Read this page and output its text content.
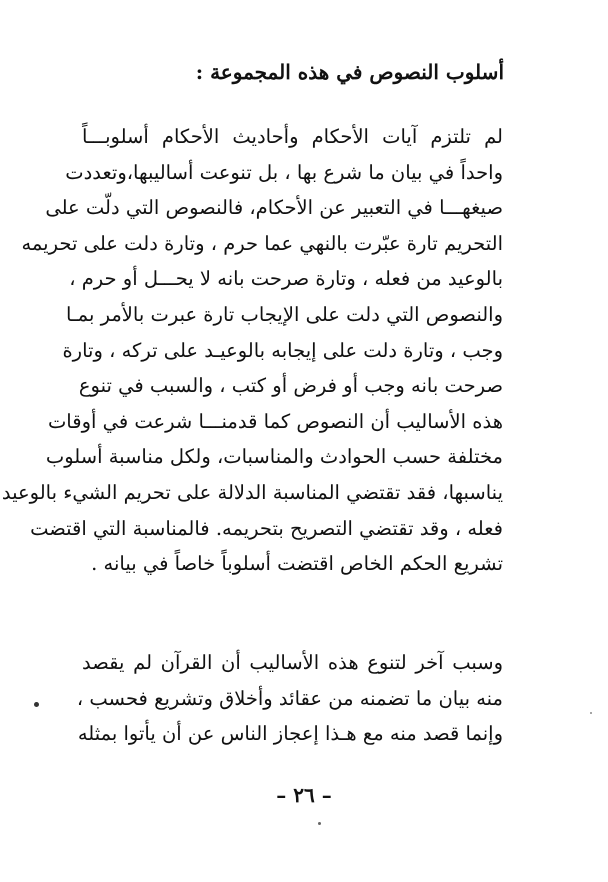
أسلوب النصوص في هذه المجموعة :
لم تلتزم آيات الأحكام وأحاديث الأحكام أسلوبـــاً
واحداً في بيان ما شرع بها ، بل تنوعت أساليبها،وتعددت
صيغهـــا في التعبير عن الأحكام، فالنصوص التي دلّت على
التحريم تارة عبّرت بالنهي عما حرم ، وتارة دلت على تحريمه
بالوعيد من فعله ، وتارة صرحت بانه لا يحـــل أو حرم ،
والنصوص التي دلت على الإيجاب تارة عبرت بالأمر بمـا
وجب ، وتارة دلت على إيجابه بالوعيـد على تركه ، وتارة
صرحت بانه وجب أو فرض أو كتب ، والسبب في تنوع
هذه الأساليب أن النصوص كما قدمنـــا شرعت في أوقات
مختلفة حسب الحوادث والمناسبات، ولكل مناسبة أسلوب
يناسبها، فقد تقتضي المناسبة الدلالة على تحريم الشيء بالوعيد
فعله ، وقد تقتضي التصريح بتحريمه. فالمناسبة التي اقتضت
تشريع الحكم الخاص اقتضت أسلوباً خاصاً في بيانه .
وسبب آخر لتنوع هذه الأساليب أن القرآن لم يقصد
منه بيان ما تضمنه من عقائد وأخلاق وتشريع فحسب ،
وإنما قصد منه مع هـذا إعجاز الناس عن أن يأتوا بمثله
– ٢٦ –
